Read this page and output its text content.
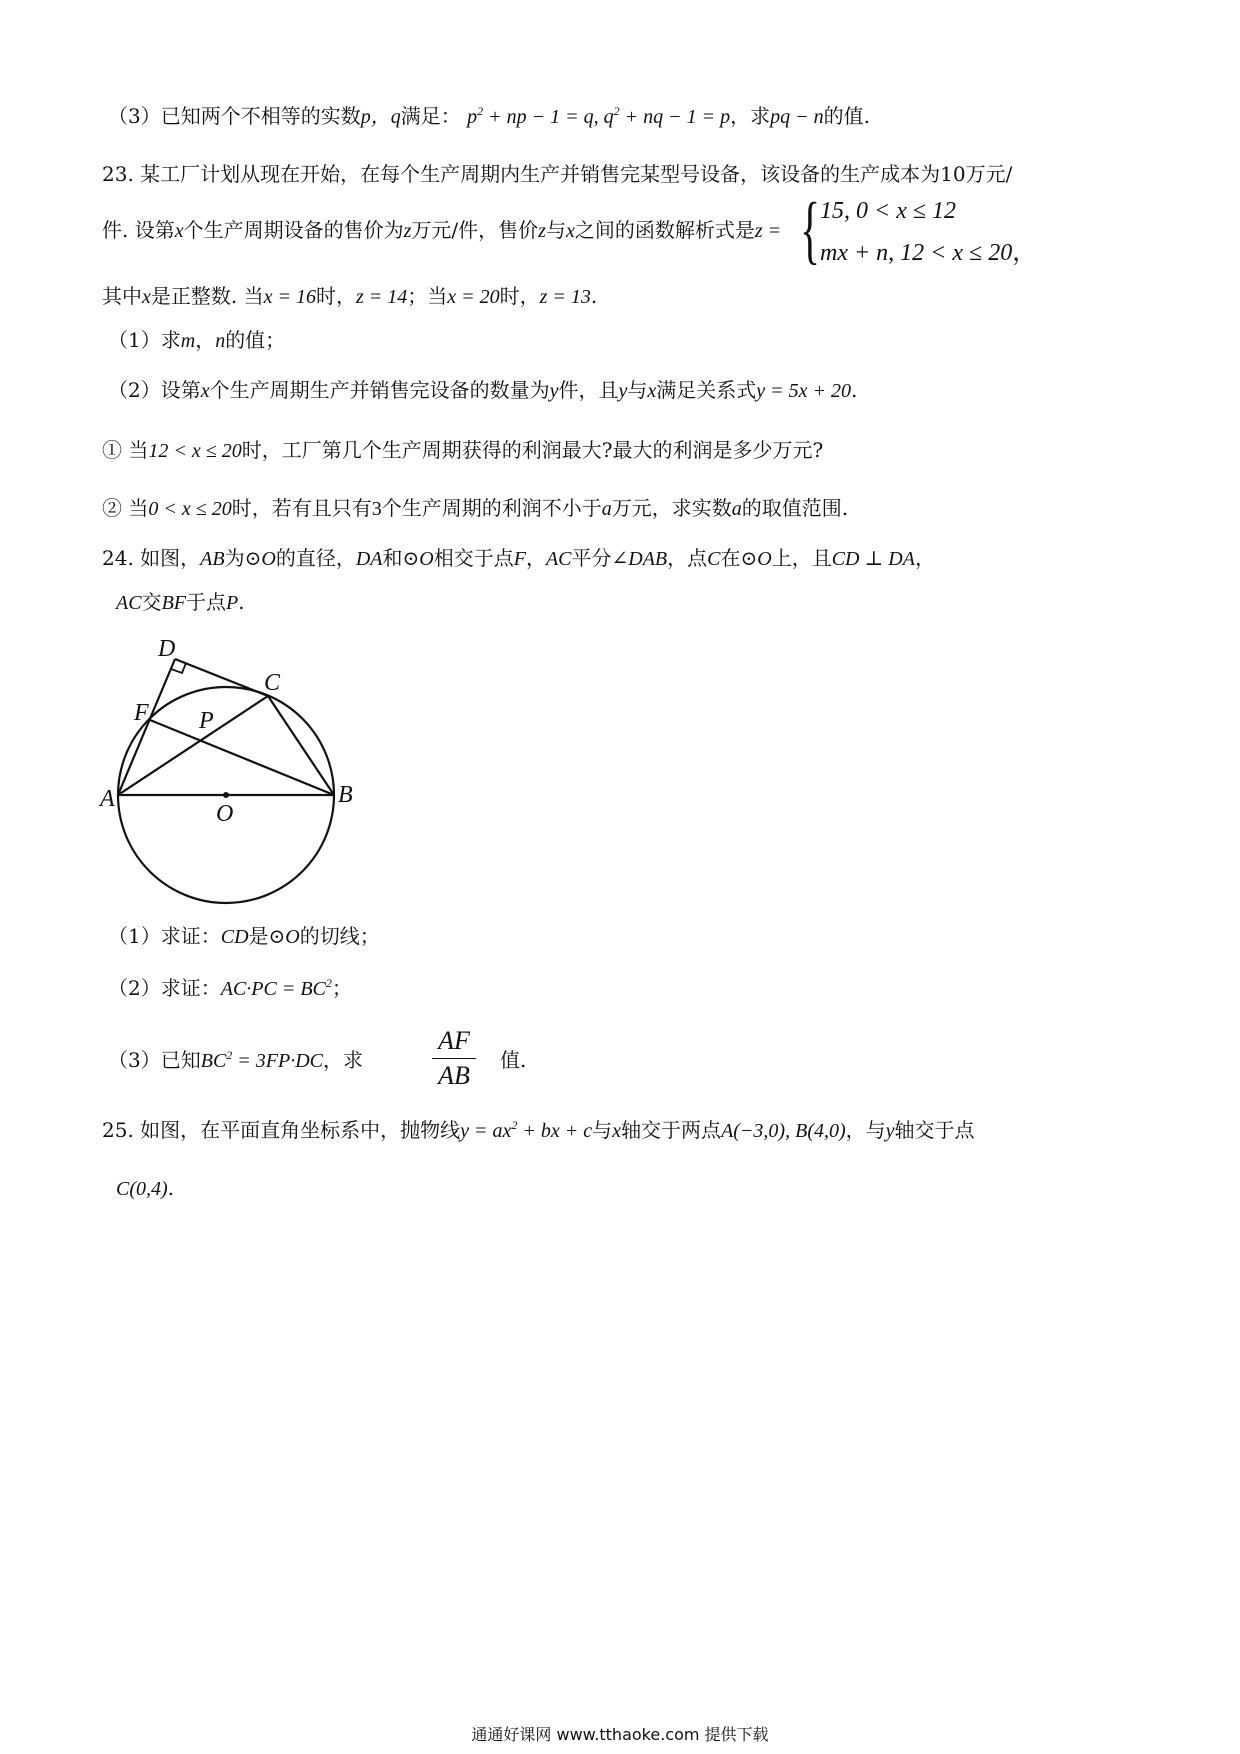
（3）已知两个不相等的实数p，q满足： $p^2$ + np − 1 = q, $q^2$ + nq − 1 = p，求pq − n的值.
23. 某工厂计划从现在开始，在每个生产周期内生产并销售完某型号设备，该设备的生产成本为10万元/
件. 设第x个生产周期设备的售价为z万元/件，售价z与x之间的函数解析式是z = { 15, 0 < x ≤ 12
mx + n, 12 < x ≤ 20，
其中x是正整数. 当x = 16时，z = 14；当x = 20时，z = 13.
（1）求m，n的值；
（2）设第x个生产周期生产并销售完设备的数量为y件，且y与x满足关系式y = 5x + 20.
① 当12 < x ≤ 20时，工厂第几个生产周期获得的利润最大?最大的利润是多少万元?
② 当0 < x ≤ 20时，若有且只有3个生产周期的利润不小于a万元，求实数a的取值范围.
24. 如图，AB为⊙O的直径，DA和⊙O相交于点F，AC平分∠DAB，点C在⊙O上，且CD ⊥ DA，
AC交BF于点P.
D
C
F P
A
O
B
（1）求证：CD是⊙O的切线；
（2）求证：$AC\cdot PC = BC^2$；
（3）已知$BC^2 = 3FP\cdot DC$，求
AF
AB
值.
25. 如图，在平面直角坐标系中，抛物线$y = ax^2$ + bx + c与x轴交于两点A(−3,0), B(4,0)，与y轴交于点
C(0,4).
通通好课网 www.tthaoke.com 提供下载
